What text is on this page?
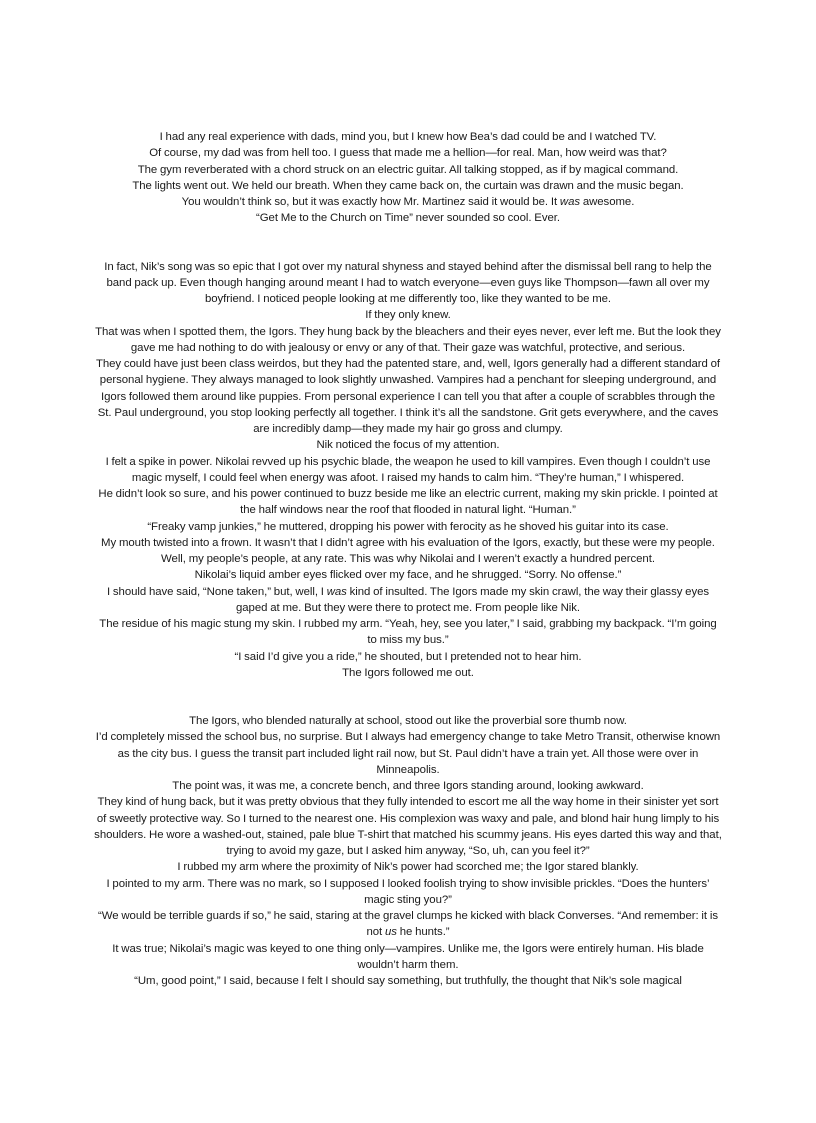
I had any real experience with dads, mind you, but I knew how Bea’s dad could be and I watched TV.

Of course, my dad was from hell too. I guess that made me a hellion—for real. Man, how weird was that?

The gym reverberated with a chord struck on an electric guitar. All talking stopped, as if by magical command.

The lights went out. We held our breath. When they came back on, the curtain was drawn and the music began.

You wouldn’t think so, but it was exactly how Mr. Martinez said it would be. It was awesome.

“Get Me to the Church on Time” never sounded so cool. Ever.

In fact, Nik’s song was so epic that I got over my natural shyness and stayed behind after the dismissal bell rang to help the band pack up. Even though hanging around meant I had to watch everyone—even guys like Thompson—fawn all over my boyfriend. I noticed people looking at me differently too, like they wanted to be me.

If they only knew.

That was when I spotted them, the Igors. They hung back by the bleachers and their eyes never, ever left me. But the look they gave me had nothing to do with jealousy or envy or any of that. Their gaze was watchful, protective, and serious.

They could have just been class weirdos, but they had the patented stare, and, well, Igors generally had a different standard of personal hygiene. They always managed to look slightly unwashed. Vampires had a penchant for sleeping underground, and Igors followed them around like puppies. From personal experience I can tell you that after a couple of scrabbles through the St. Paul underground, you stop looking perfectly all together. I think it’s all the sandstone. Grit gets everywhere, and the caves are incredibly damp—they made my hair go gross and clumpy.

Nik noticed the focus of my attention.

I felt a spike in power. Nikolai revved up his psychic blade, the weapon he used to kill vampires. Even though I couldn’t use magic myself, I could feel when energy was afoot. I raised my hands to calm him. “They’re human,” I whispered.

He didn’t look so sure, and his power continued to buzz beside me like an electric current, making my skin prickle. I pointed at the half windows near the roof that flooded in natural light. “Human.”

“Freaky vamp junkies,” he muttered, dropping his power with ferocity as he shoved his guitar into its case.

My mouth twisted into a frown. It wasn’t that I didn’t agree with his evaluation of the Igors, exactly, but these were my people. Well, my people’s people, at any rate. This was why Nikolai and I weren’t exactly a hundred percent.

Nikolai’s liquid amber eyes flicked over my face, and he shrugged. “Sorry. No offense.”

I should have said, “None taken,” but, well, I was kind of insulted. The Igors made my skin crawl, the way their glassy eyes gaped at me. But they were there to protect me. From people like Nik.

The residue of his magic stung my skin. I rubbed my arm. “Yeah, hey, see you later,” I said, grabbing my backpack. “I’m going to miss my bus.”

“I said I’d give you a ride,” he shouted, but I pretended not to hear him.

The Igors followed me out.

The Igors, who blended naturally at school, stood out like the proverbial sore thumb now.

I’d completely missed the school bus, no surprise. But I always had emergency change to take Metro Transit, otherwise known as the city bus. I guess the transit part included light rail now, but St. Paul didn’t have a train yet. All those were over in Minneapolis.

The point was, it was me, a concrete bench, and three Igors standing around, looking awkward.

They kind of hung back, but it was pretty obvious that they fully intended to escort me all the way home in their sinister yet sort of sweetly protective way. So I turned to the nearest one. His complexion was waxy and pale, and blond hair hung limply to his shoulders. He wore a washed-out, stained, pale blue T-shirt that matched his scummy jeans. His eyes darted this way and that, trying to avoid my gaze, but I asked him anyway, “So, uh, can you feel it?”

I rubbed my arm where the proximity of Nik’s power had scorched me; the Igor stared blankly.

I pointed to my arm. There was no mark, so I supposed I looked foolish trying to show invisible prickles. “Does the hunters’ magic sting you?”

“We would be terrible guards if so,” he said, staring at the gravel clumps he kicked with black Converses. “And remember: it is not us he hunts.”

It was true; Nikolai’s magic was keyed to one thing only—vampires. Unlike me, the Igors were entirely human. His blade wouldn’t harm them.

“Um, good point,” I said, because I felt I should say something, but truthfully, the thought that Nik’s sole magical
